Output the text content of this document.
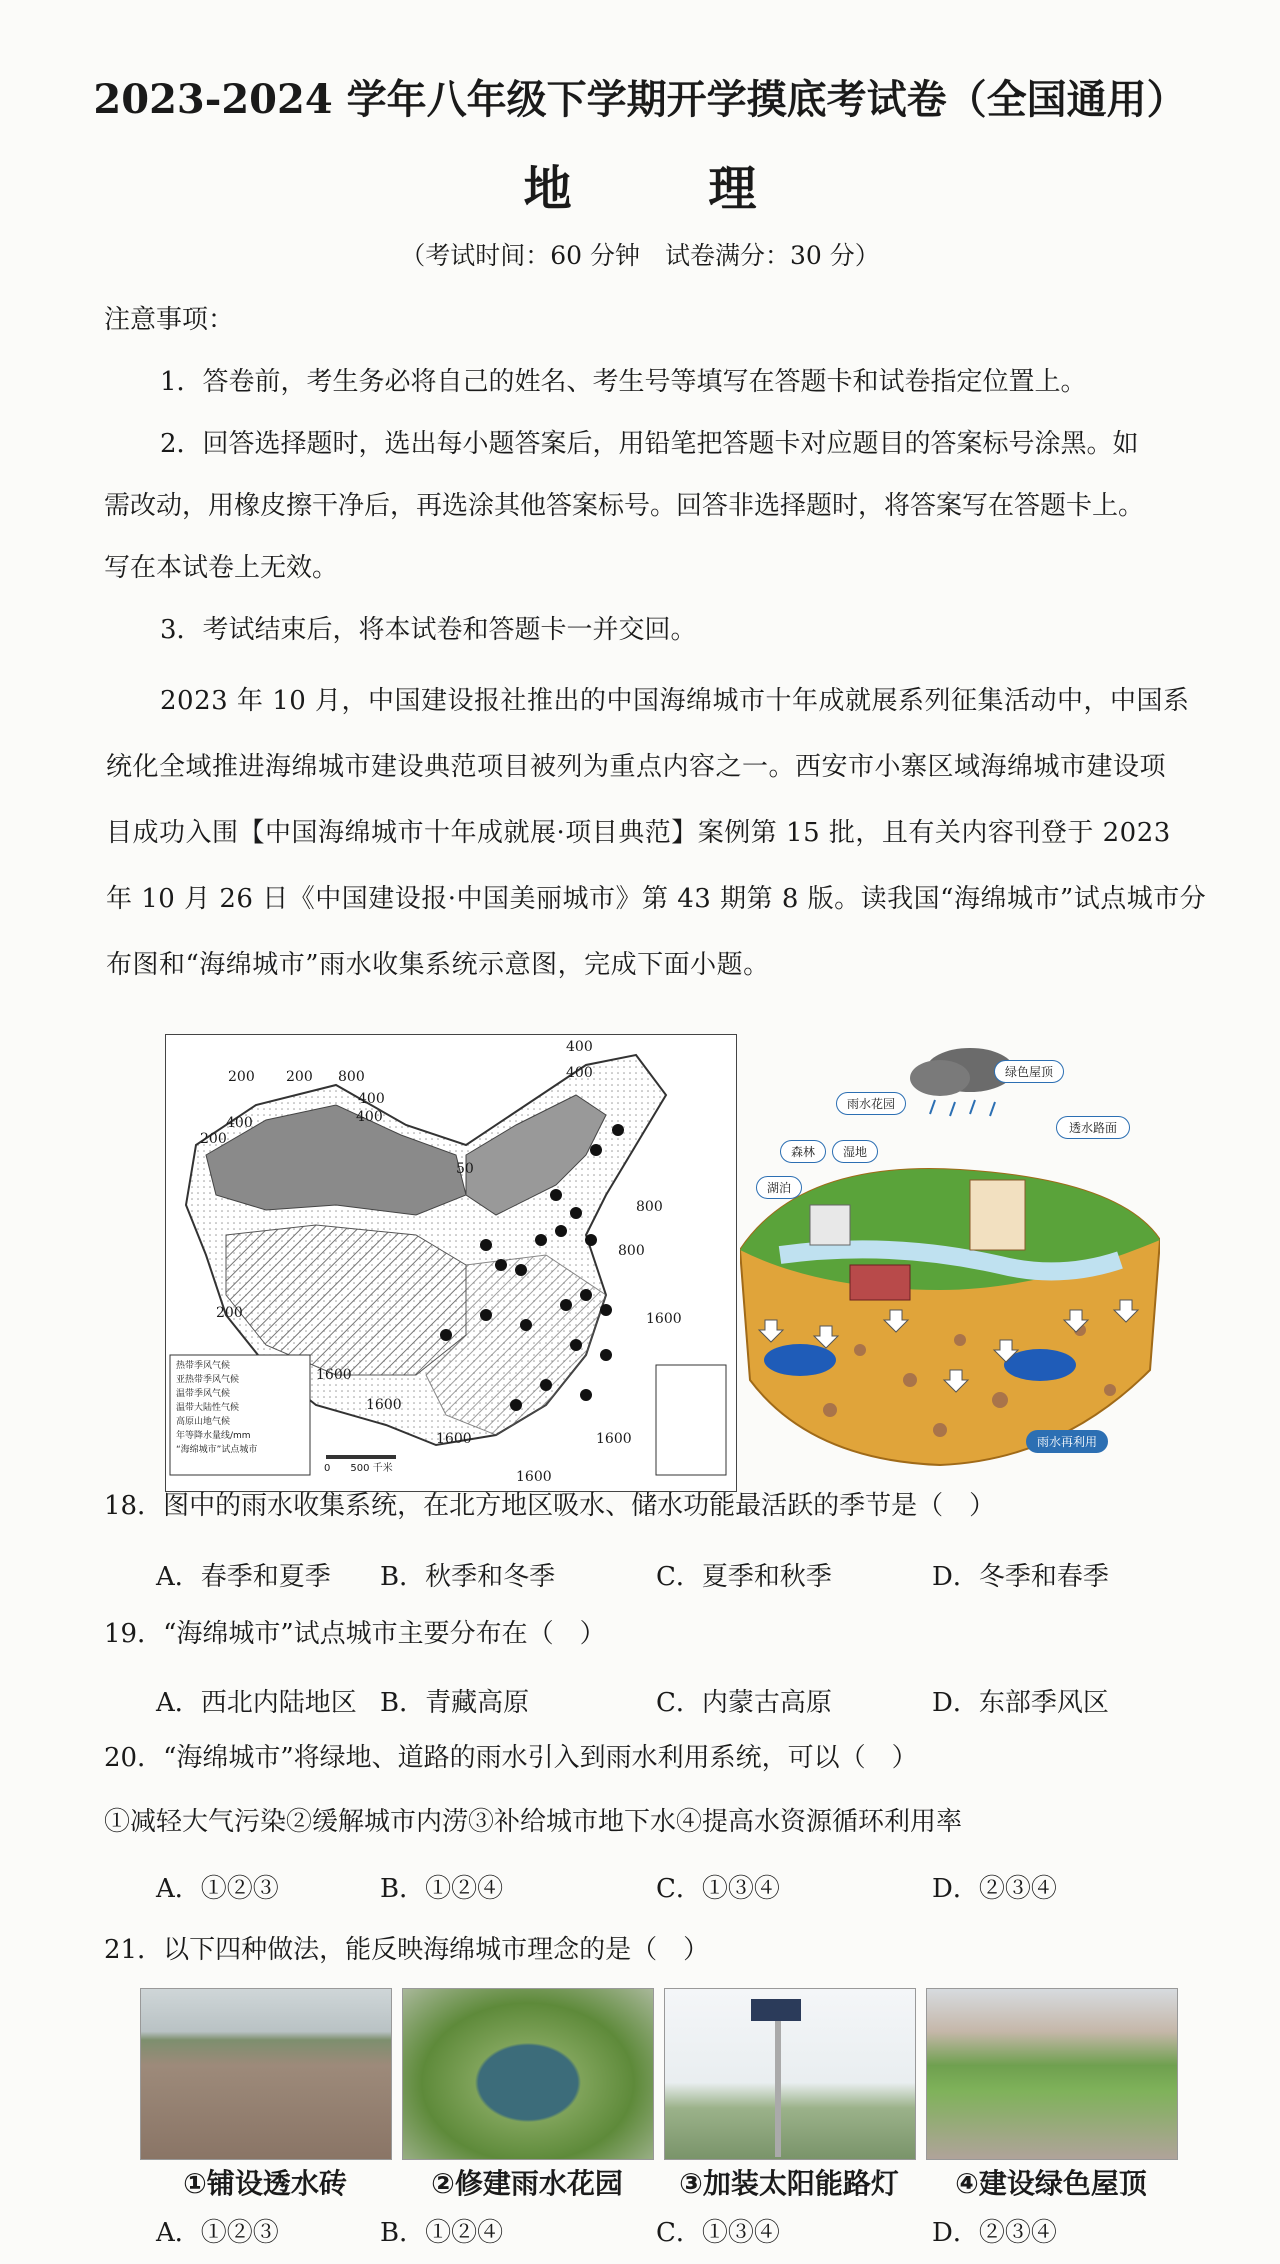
2023-2024 学年八年级下学期开学摸底考试卷（全国通用）
地 理
（考试时间：60 分钟　试卷满分：30 分）
注意事项：
1．答卷前，考生务必将自己的姓名、考生号等填写在答题卡和试卷指定位置上。
2．回答选择题时，选出每小题答案后，用铅笔把答题卡对应题目的答案标号涂黑。如
需改动，用橡皮擦干净后，再选涂其他答案标号。回答非选择题时，将答案写在答题卡上。
写在本试卷上无效。
3．考试结束后，将本试卷和答题卡一并交回。
2023 年 10 月，中国建设报社推出的中国海绵城市十年成就展系列征集活动中，中国系
统化全域推进海绵城市建设典范项目被列为重点内容之一。西安市小寨区域海绵城市建设项
目成功入围【中国海绵城市十年成就展·项目典范】案例第 15 批，且有关内容刊登于 2023
年 10 月 26 日《中国建设报·中国美丽城市》第 43 期第 8 版。读我国“海绵城市”试点城市分
布图和“海绵城市”雨水收集系统示意图，完成下面小题。
200	800	400
400
200
400	400
50
800
800
200	1600
1600
1600
1600	1600
1600
400
200
热带季风气候
亚热带季风气候
温带季风气候
温带大陆性气候
高原山地气候
年等降水量线/mm
“海绵城市”试点城市
0　　500 千米
绿色屋顶
雨水花园
透水路面
森林	湿地
湖泊
雨水再利用
18．图中的雨水收集系统，在北方地区吸水、储水功能最活跃的季节是（　）
A．春季和夏季 B．秋季和冬季	C．夏季和秋季	D．冬季和春季
19．“海绵城市”试点城市主要分布在（　）
A．西北内陆地区 B．青藏高原	C．内蒙古高原	D．东部季风区
20．“海绵城市”将绿地、道路的雨水引入到雨水利用系统，可以（　）
①减轻大气污染②缓解城市内涝③补给城市地下水④提高水资源循环利用率
A．①②③	B．①②④	C．①③④	D．②③④
21．以下四种做法，能反映海绵城市理念的是（　）
①铺设透水砖	②修建雨水花园	③加装太阳能路灯	④建设绿色屋顶
A．①②③	B．①②④	C．①③④	D．②③④
